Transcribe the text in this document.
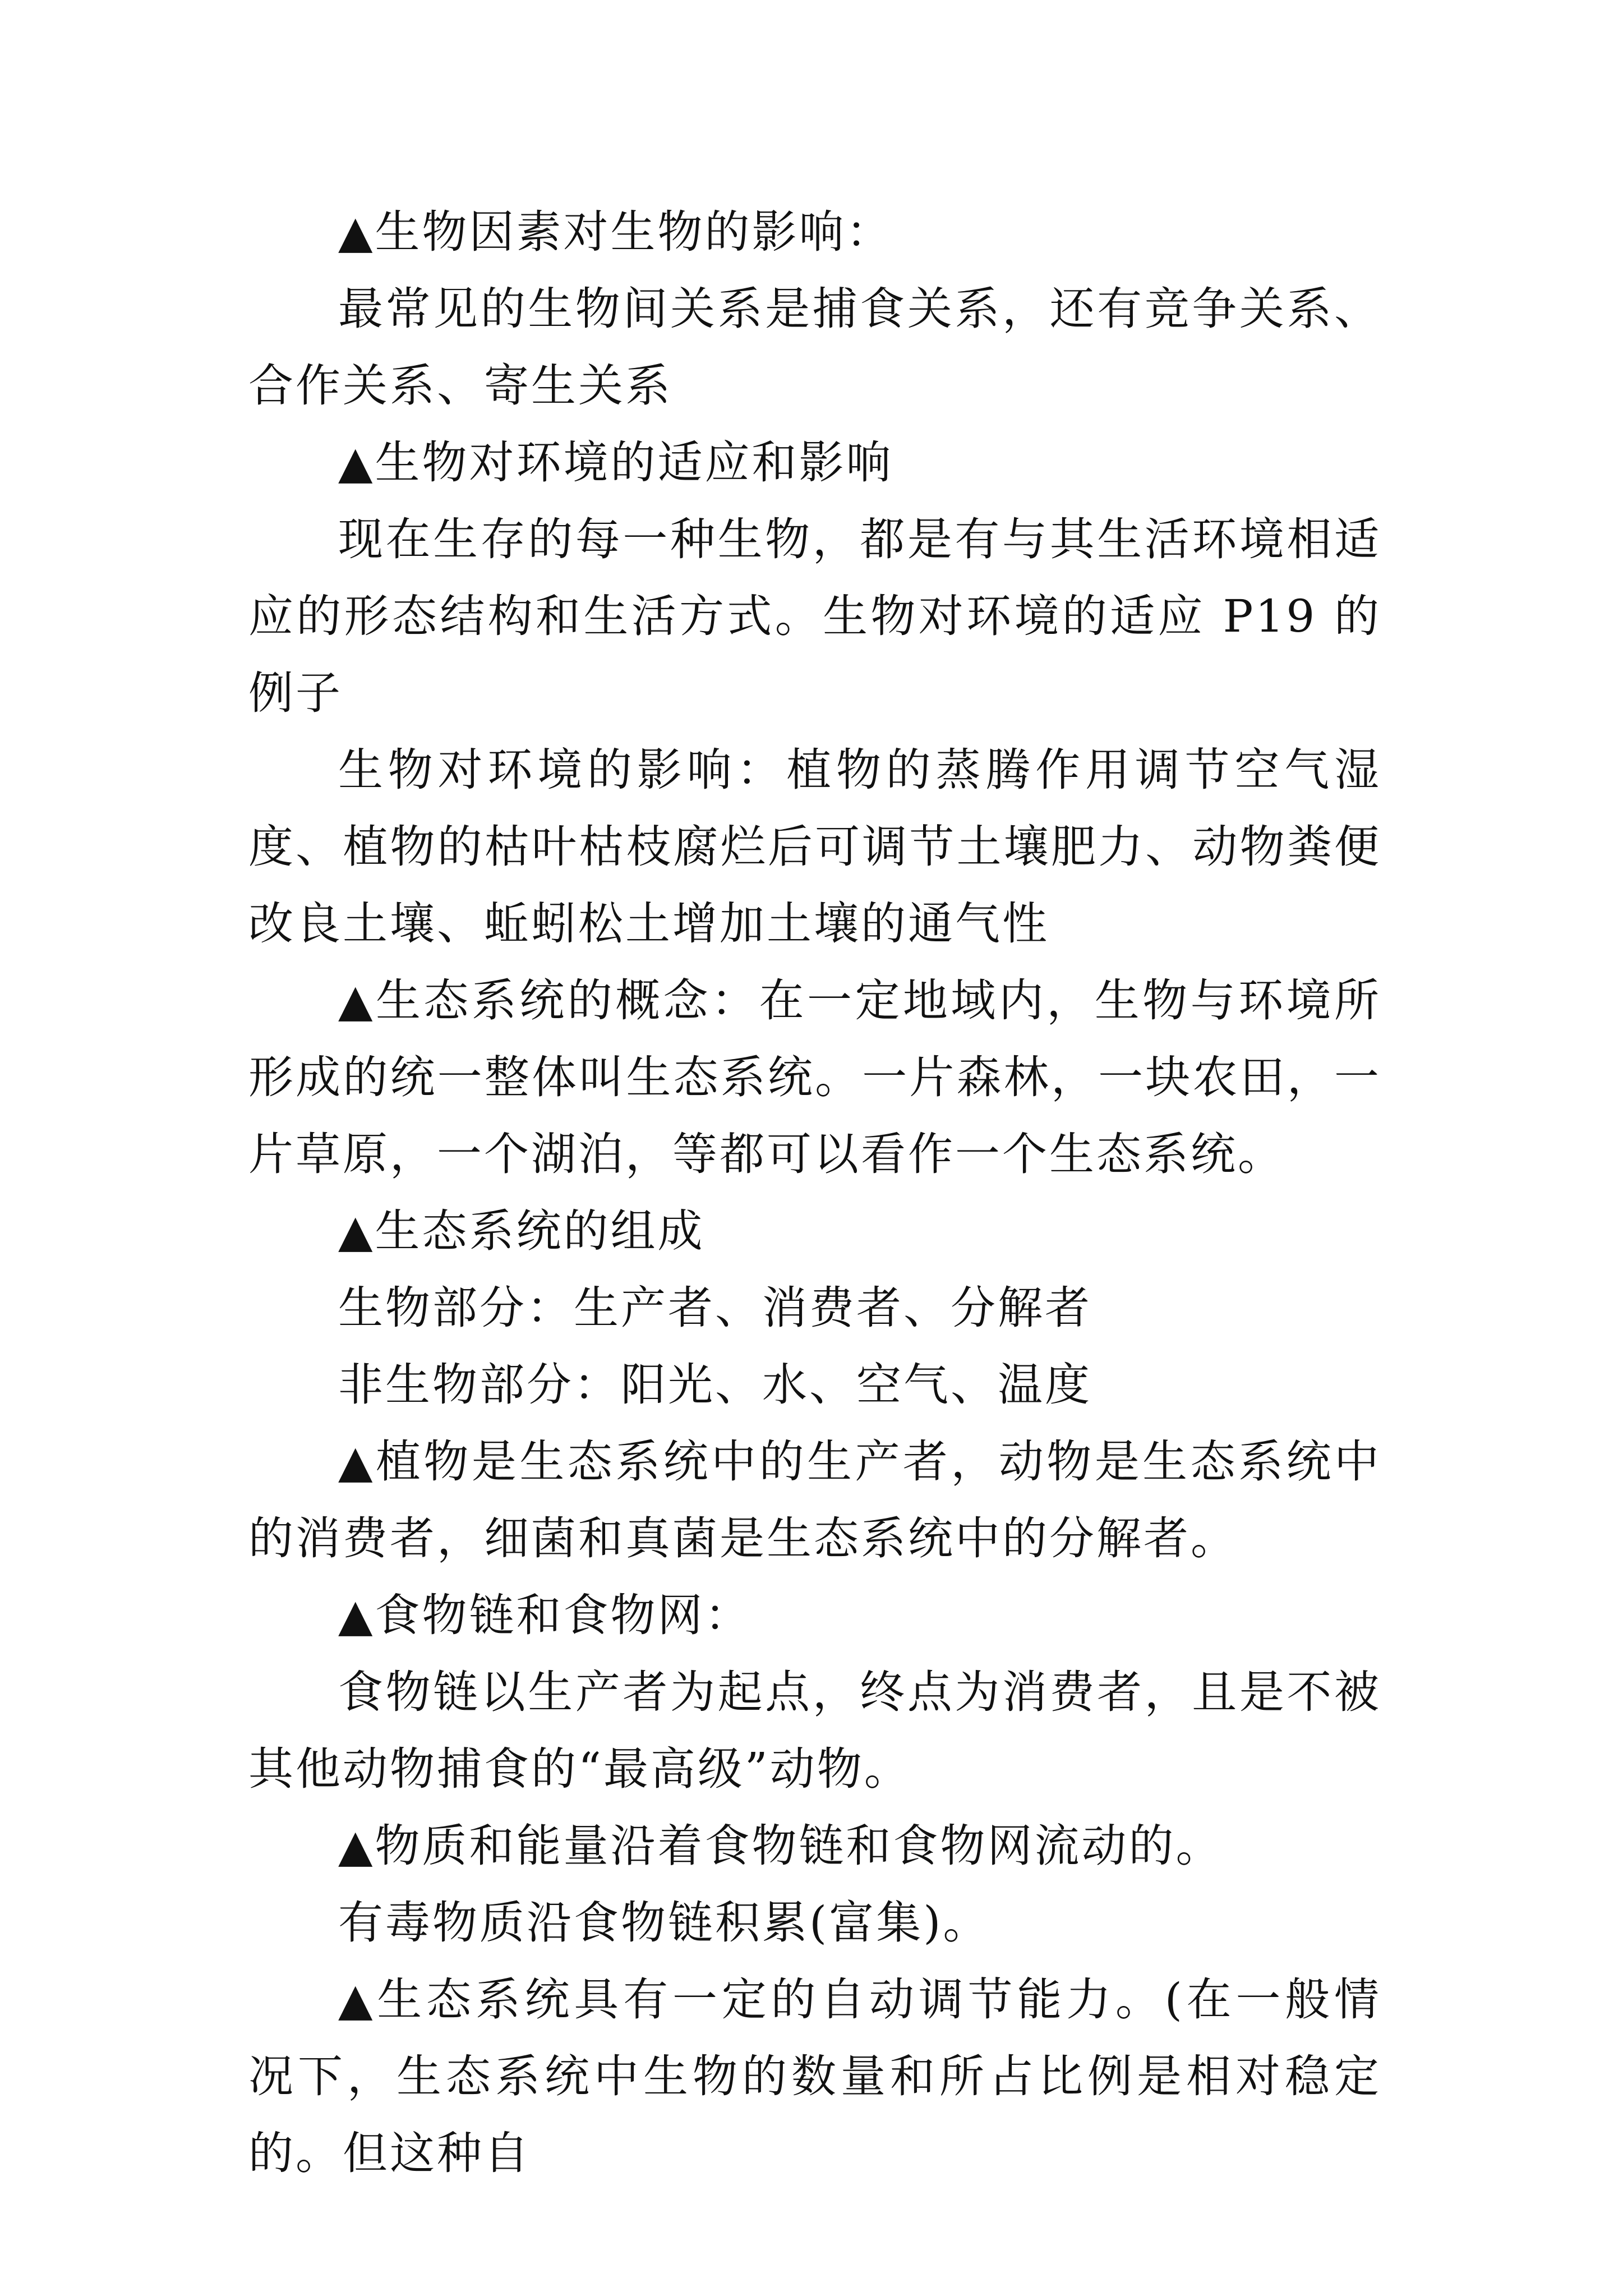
▲生物因素对生物的影响：

最常见的生物间关系是捕食关系，还有竞争关系、合作关系、寄生关系

▲生物对环境的适应和影响

现在生存的每一种生物，都是有与其生活环境相适应的形态结构和生活方式。生物对环境的适应 P19 的例子

生物对环境的影响：植物的蒸腾作用调节空气湿度、植物的枯叶枯枝腐烂后可调节土壤肥力、动物粪便改良土壤、蚯蚓松土增加土壤的通气性

▲生态系统的概念：在一定地域内，生物与环境所形成的统一整体叫生态系统。一片森林，一块农田，一片草原，一个湖泊，等都可以看作一个生态系统。

▲生态系统的组成

生物部分：生产者、消费者、分解者

非生物部分：阳光、水、空气、温度

▲植物是生态系统中的生产者，动物是生态系统中的消费者，细菌和真菌是生态系统中的分解者。

▲食物链和食物网：

食物链以生产者为起点，终点为消费者，且是不被其他动物捕食的“最高级”动物。

▲物质和能量沿着食物链和食物网流动的。

有毒物质沿食物链积累(富集)。

▲生态系统具有一定的自动调节能力。(在一般情况下，生态系统中生物的数量和所占比例是相对稳定的。但这种自
